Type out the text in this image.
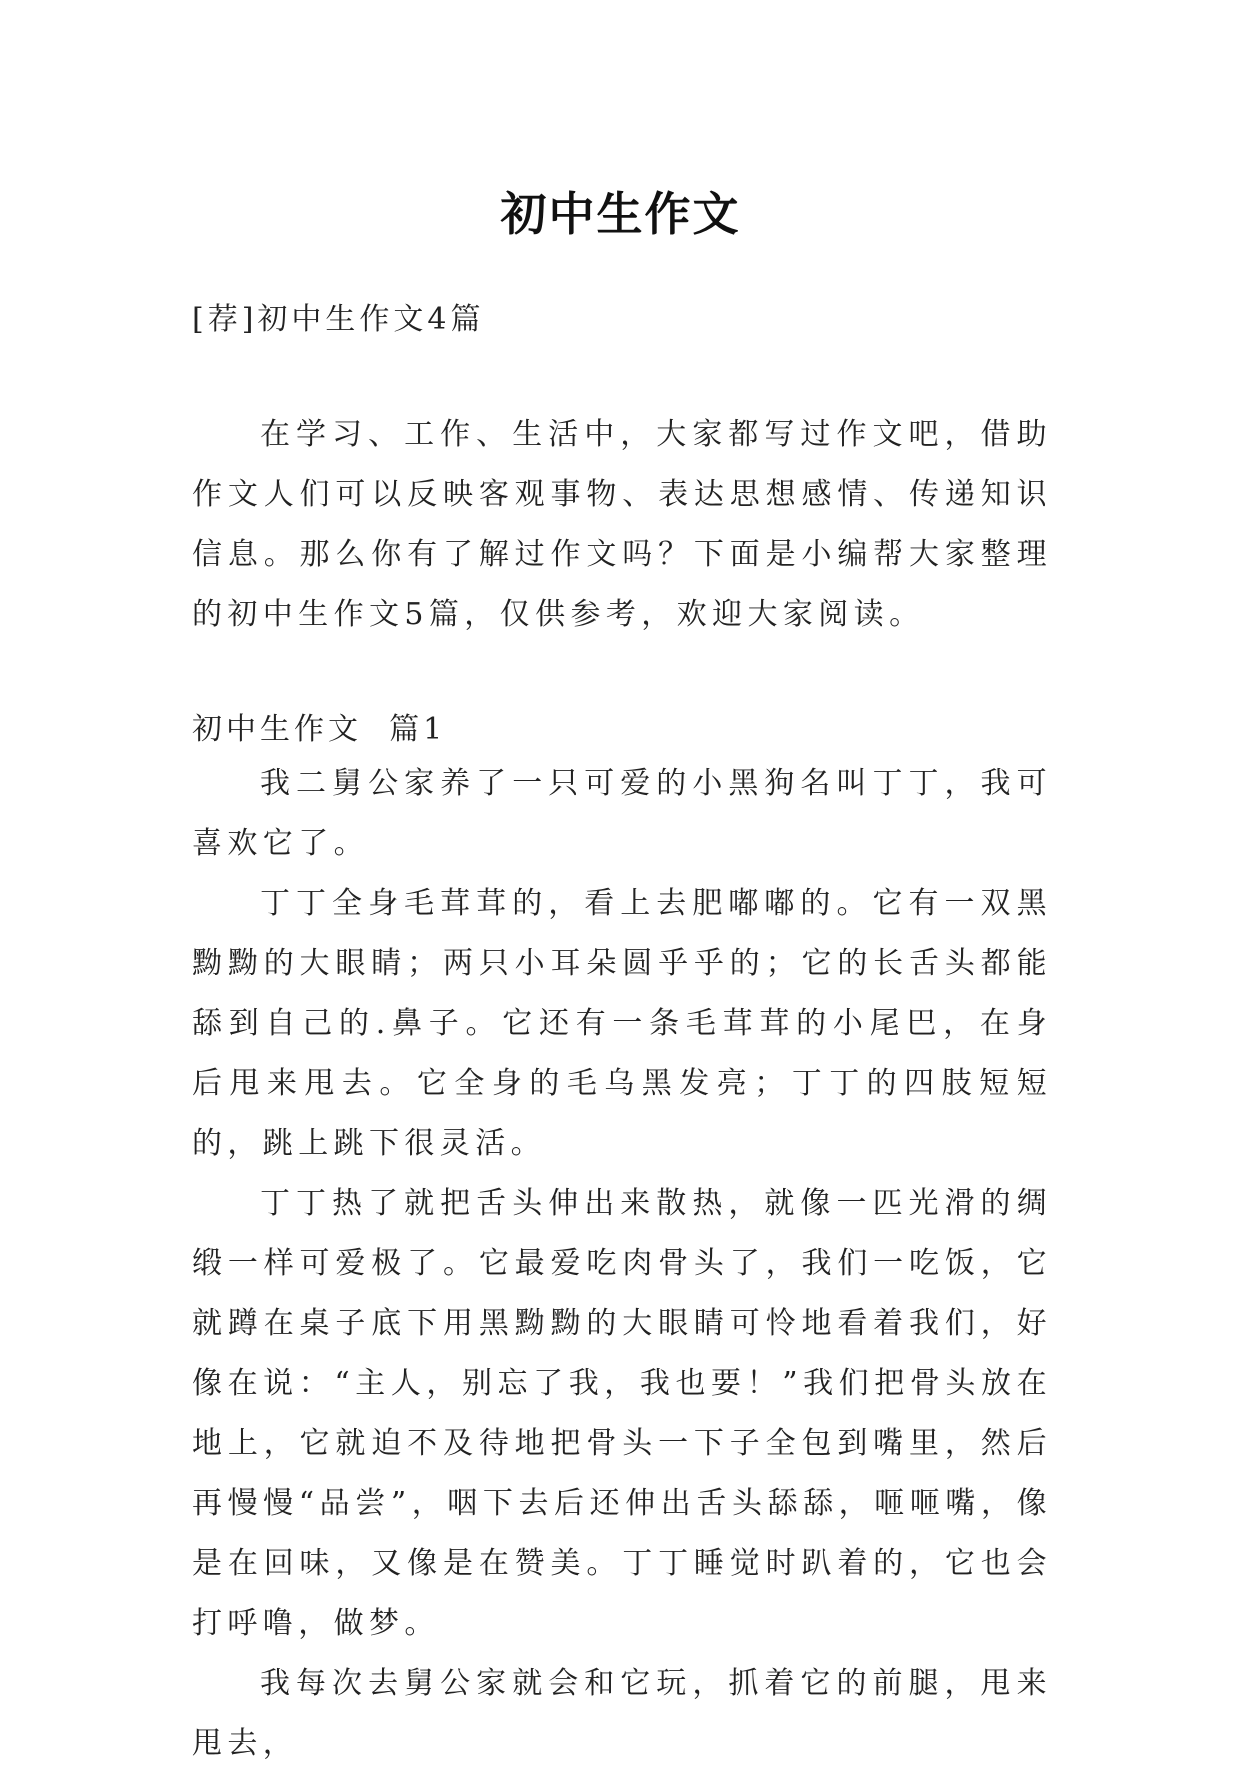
初中生作文
[荐]初中生作文4篇
在学习、工作、生活中，大家都写过作文吧，借助作文人们可以反映客观事物、表达思想感情、传递知识信息。那么你有了解过作文吗？下面是小编帮大家整理的初中生作文5篇，仅供参考，欢迎大家阅读。
初中生作文  篇1

我二舅公家养了一只可爱的小黑狗名叫丁丁，我可喜欢它了。

丁丁全身毛茸茸的，看上去肥嘟嘟的。它有一双黑黝黝的大眼睛；两只小耳朵圆乎乎的；它的长舌头都能舔到自己的.鼻子。它还有一条毛茸茸的小尾巴，在身后甩来甩去。它全身的毛乌黑发亮；丁丁的四肢短短的，跳上跳下很灵活。

丁丁热了就把舌头伸出来散热，就像一匹光滑的绸缎一样可爱极了。它最爱吃肉骨头了，我们一吃饭，它就蹲在桌子底下用黑黝黝的大眼睛可怜地看着我们，好像在说：“主人，别忘了我，我也要！”我们把骨头放在地上，它就迫不及待地把骨头一下子全包到嘴里，然后再慢慢“品尝”，咽下去后还伸出舌头舔舔，咂咂嘴，像是在回味，又像是在赞美。丁丁睡觉时趴着的，它也会打呼噜，做梦。

我每次去舅公家就会和它玩，抓着它的前腿，甩来甩去，
